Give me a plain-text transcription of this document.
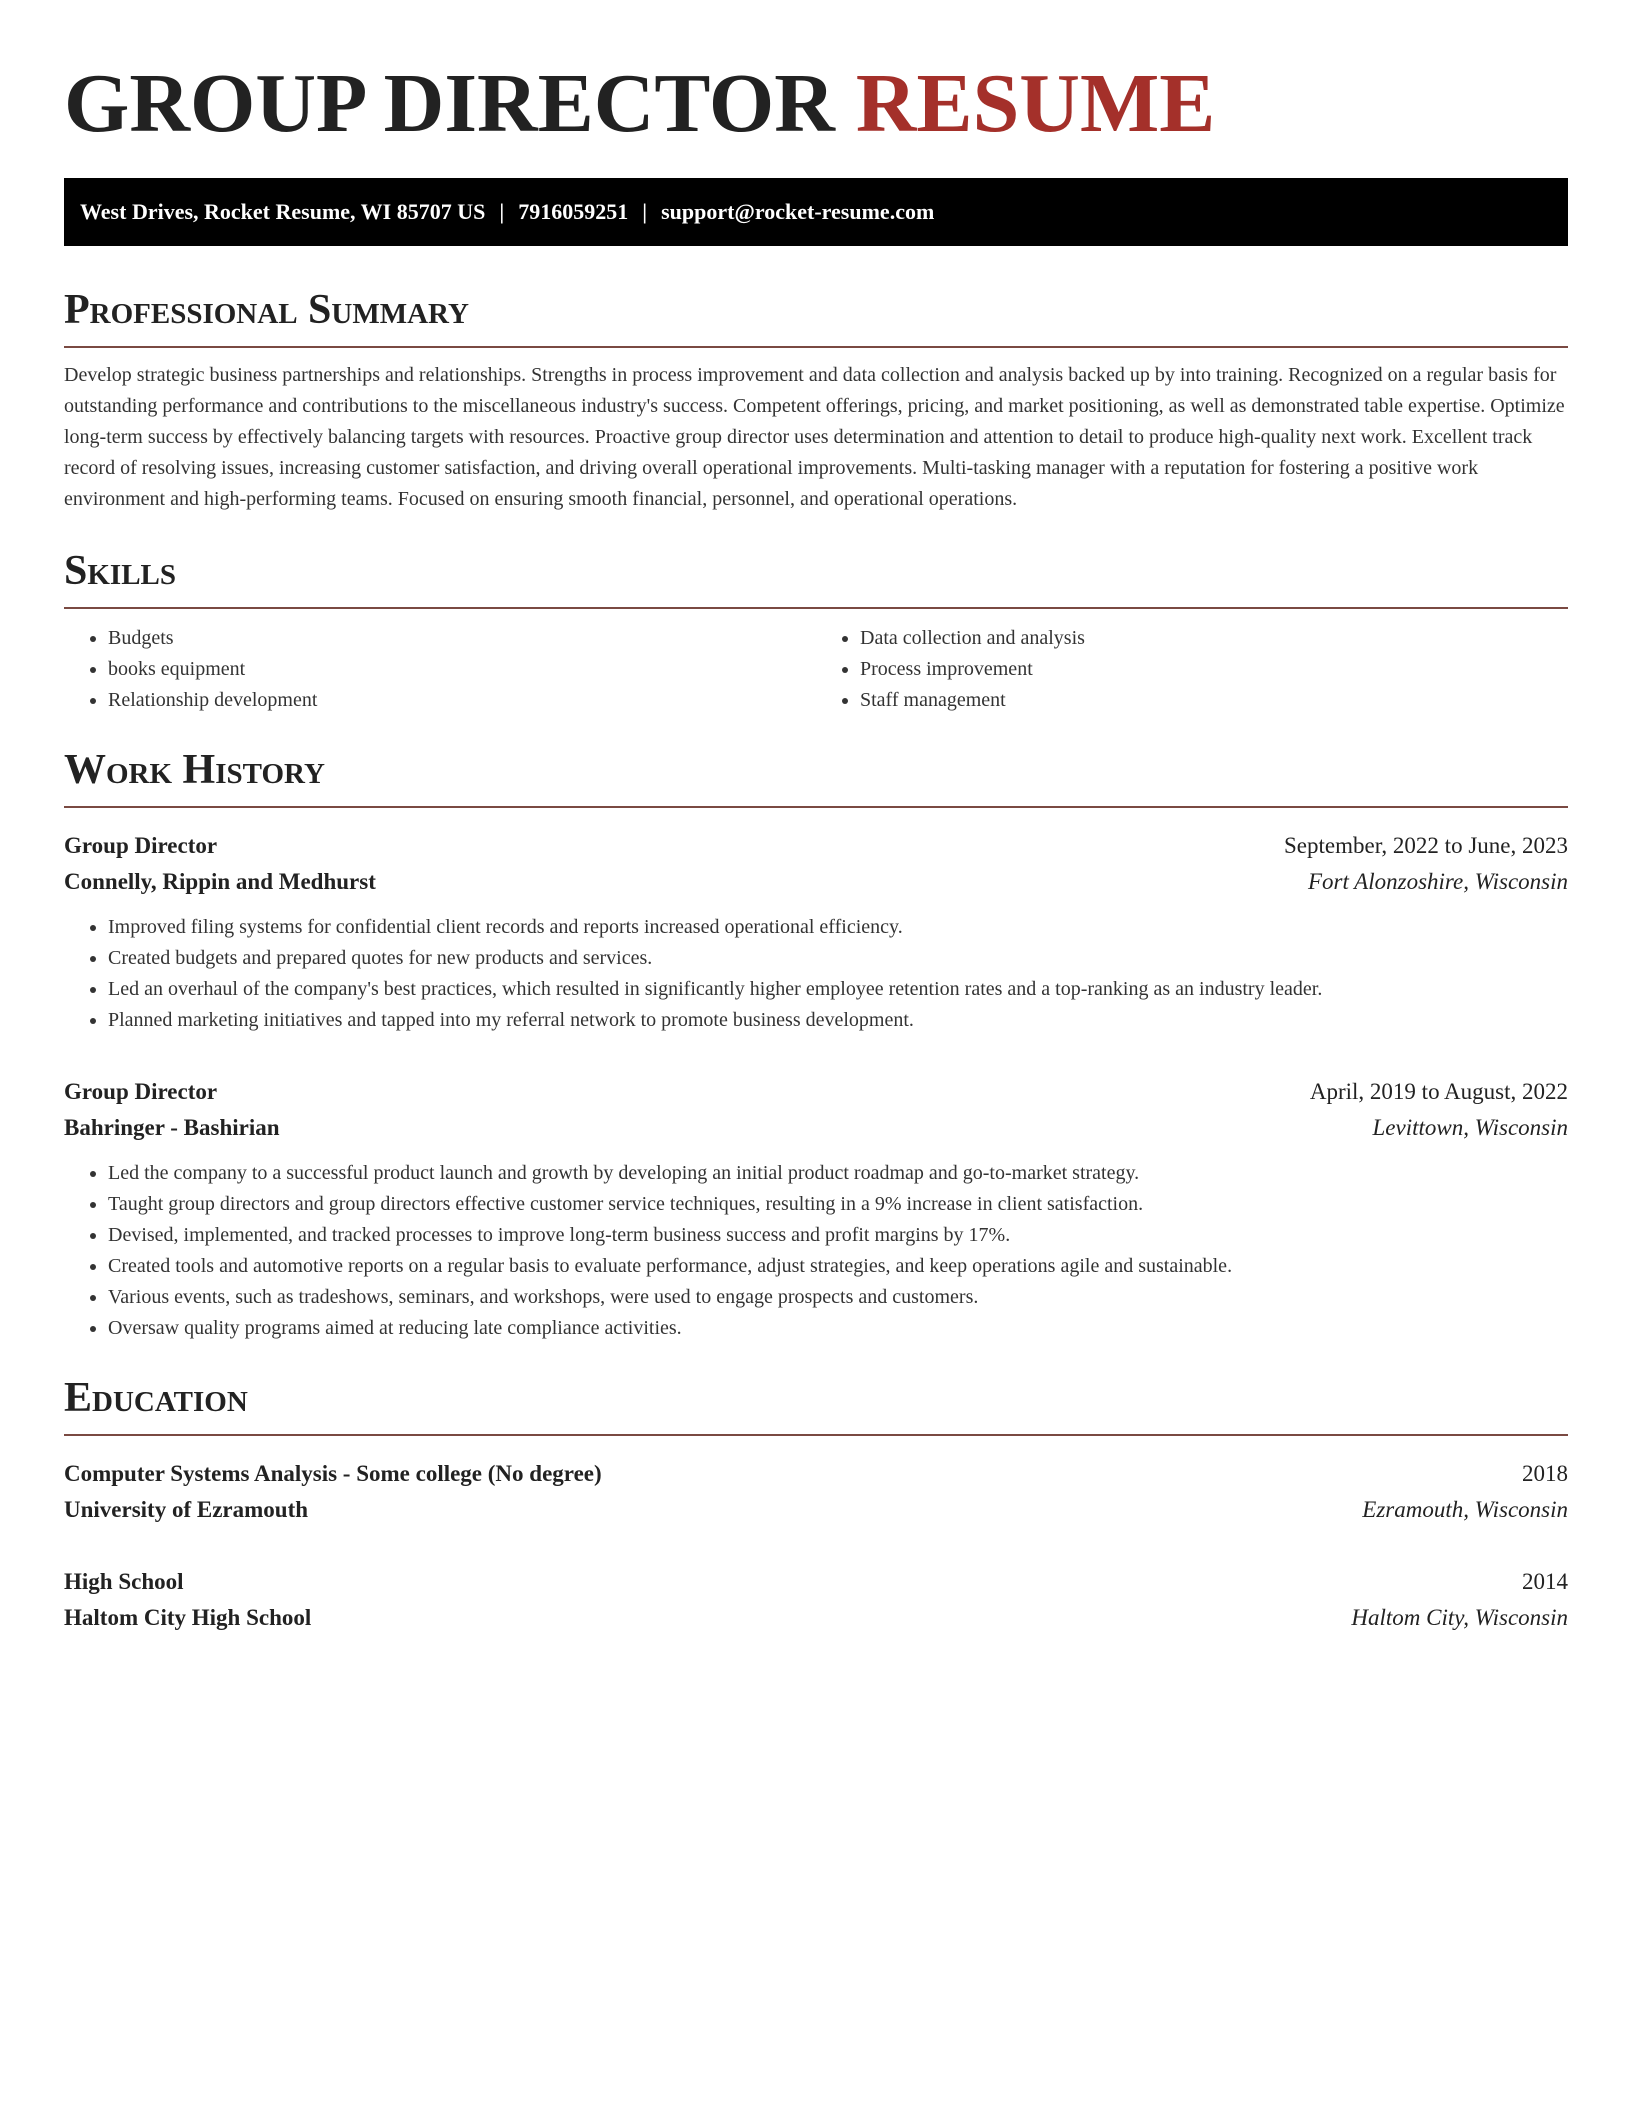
GROUP DIRECTOR RESUME
West Drives, Rocket Resume, WI 85707 US | 7916059251 | support@rocket-resume.com
Professional Summary

Develop strategic business partnerships and relationships. Strengths in process improvement and data collection and analysis backed up by into training. Recognized on a regular basis for outstanding performance and contributions to the miscellaneous industry's success. Competent offerings, pricing, and market positioning, as well as demonstrated table expertise. Optimize long-term success by effectively balancing targets with resources. Proactive group director uses determination and attention to detail to produce high-quality next work. Excellent track record of resolving issues, increasing customer satisfaction, and driving overall operational improvements. Multi-tasking manager with a reputation for fostering a positive work environment and high-performing teams. Focused on ensuring smooth financial, personnel, and operational operations.

Skills
• Budgets
• books equipment
• Relationship development
• Data collection and analysis
• Process improvement
• Staff management
Work History
Group Director	September, 2022 to June, 2023
Connelly, Rippin and Medhurst	Fort Alonzoshire, Wisconsin
• Improved filing systems for confidential client records and reports increased operational efficiency.
• Created budgets and prepared quotes for new products and services.
• Led an overhaul of the company's best practices, which resulted in significantly higher employee retention rates and a top-ranking as an industry leader.
• Planned marketing initiatives and tapped into my referral network to promote business development.
Group Director	April, 2019 to August, 2022
Bahringer - Bashirian	Levittown, Wisconsin
• Led the company to a successful product launch and growth by developing an initial product roadmap and go-to-market strategy.
• Taught group directors and group directors effective customer service techniques, resulting in a 9% increase in client satisfaction.
• Devised, implemented, and tracked processes to improve long-term business success and profit margins by 17%.
• Created tools and automotive reports on a regular basis to evaluate performance, adjust strategies, and keep operations agile and sustainable.
• Various events, such as tradeshows, seminars, and workshops, were used to engage prospects and customers.
• Oversaw quality programs aimed at reducing late compliance activities.
Education
Computer Systems Analysis - Some college (No degree)	2018
University of Ezramouth	Ezramouth, Wisconsin
High School	2014
Haltom City High School	Haltom City, Wisconsin
